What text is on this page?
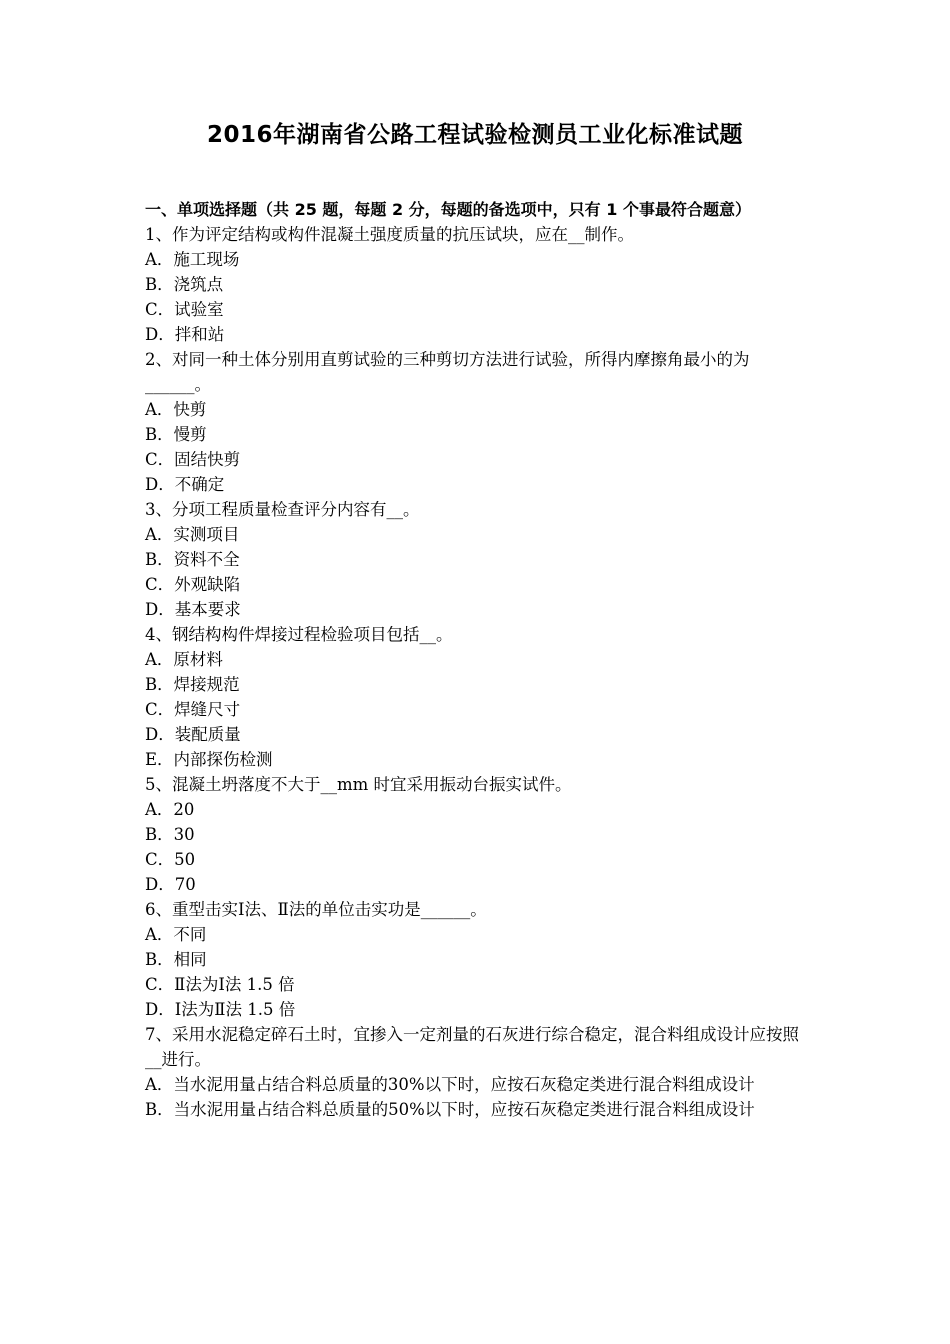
2016年湖南省公路工程试验检测员工业化标准试题

一、单项选择题（共 25 题，每题 2 分，每题的备选项中，只有 1 个事最符合题意）

1、作为评定结构或构件混凝土强度质量的抗压试块，应在__制作。
A．施工现场
B．浇筑点
C．试验室
D．拌和站
2、对同一种土体分别用直剪试验的三种剪切方法进行试验，所得内摩擦角最小的为______。
A．快剪
B．慢剪
C．固结快剪
D．不确定
3、分项工程质量检查评分内容有__。
A．实测项目
B．资料不全
C．外观缺陷
D．基本要求
4、钢结构构件焊接过程检验项目包括__。
A．原材料
B．焊接规范
C．焊缝尺寸
D．装配质量
E．内部探伤检测
5、混凝土坍落度不大于__mm 时宜采用振动台振实试件。
A．20
B．30
C．50
D．70
6、重型击实Ⅰ法、Ⅱ法的单位击实功是______。
A．不同
B．相同
C．Ⅱ法为Ⅰ法 1.5 倍
D．Ⅰ法为Ⅱ法 1.5 倍
7、采用水泥稳定碎石土时，宜掺入一定剂量的石灰进行综合稳定，混合料组成设计应按照__进行。
A．当水泥用量占结合料总质量的30%以下时，应按石灰稳定类进行混合料组成设计
B．当水泥用量占结合料总质量的50%以下时，应按石灰稳定类进行混合料组成设计
